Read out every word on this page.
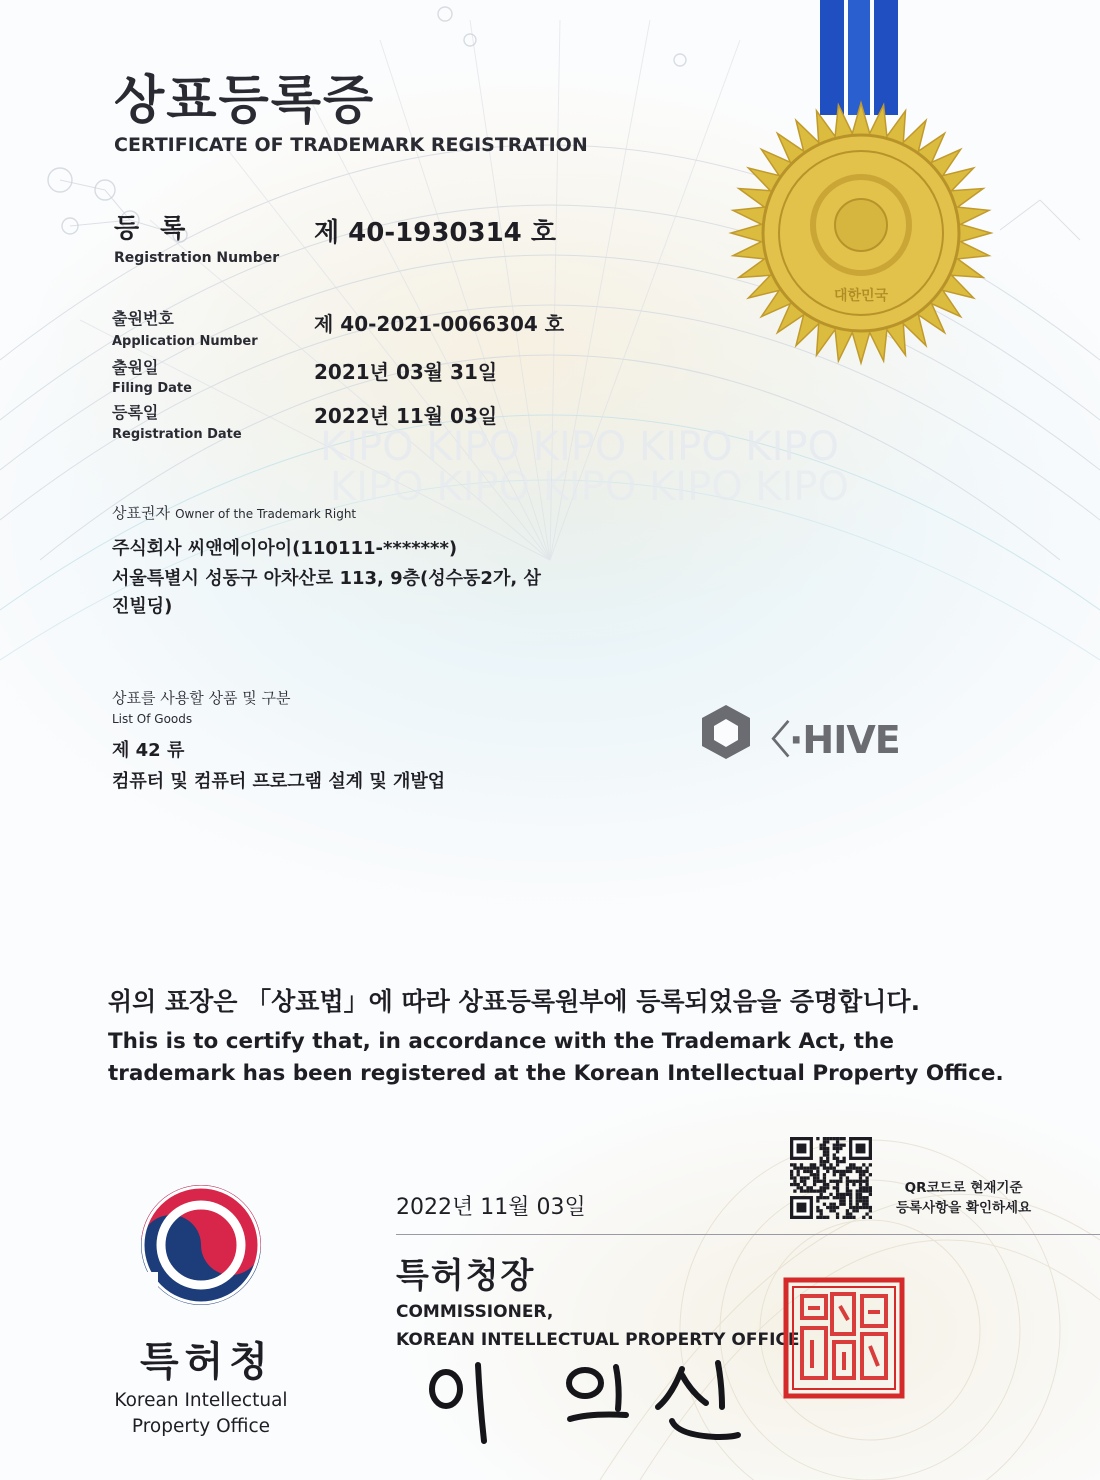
KIPO KIPO KIPO KIPO KIPO
KIPO KIPO KIPO KIPO KIPO
대한민국
상표등록증
CERTIFICATE OF TRADEMARK REGISTRATION
등 록
Registration Number
제 40-1930314 호
출원번호
Application Number
제 40-2021-0066304 호
출원일
Filing Date
2021년 03월 31일
등록일
Registration Date
2022년 11월 03일
상표권자 Owner of the Trademark Right
주식회사 씨앤에이아이(110111-*******)
서울특별시 성동구 아차산로 113, 9층(성수동2가, 삼
진빌딩)
상표를 사용할 상품 및 구분
List Of Goods
제 42 류
컴퓨터 및 컴퓨터 프로그램 설계 및 개발업
〈·HIVE
위의 표장은 「상표법」에 따라 상표등록원부에 등록되었음을 증명합니다.
This is to certify that, in accordance with the Trademark Act, the trademark has been registered at the Korean Intellectual Property Office.
QR코드로 현재기준
등록사항을 확인하세요
2022년 11월 03일
특허청장
COMMISSIONER,
KOREAN INTELLECTUAL PROPERTY OFFICE
특허청
Korean Intellectual Property Office
